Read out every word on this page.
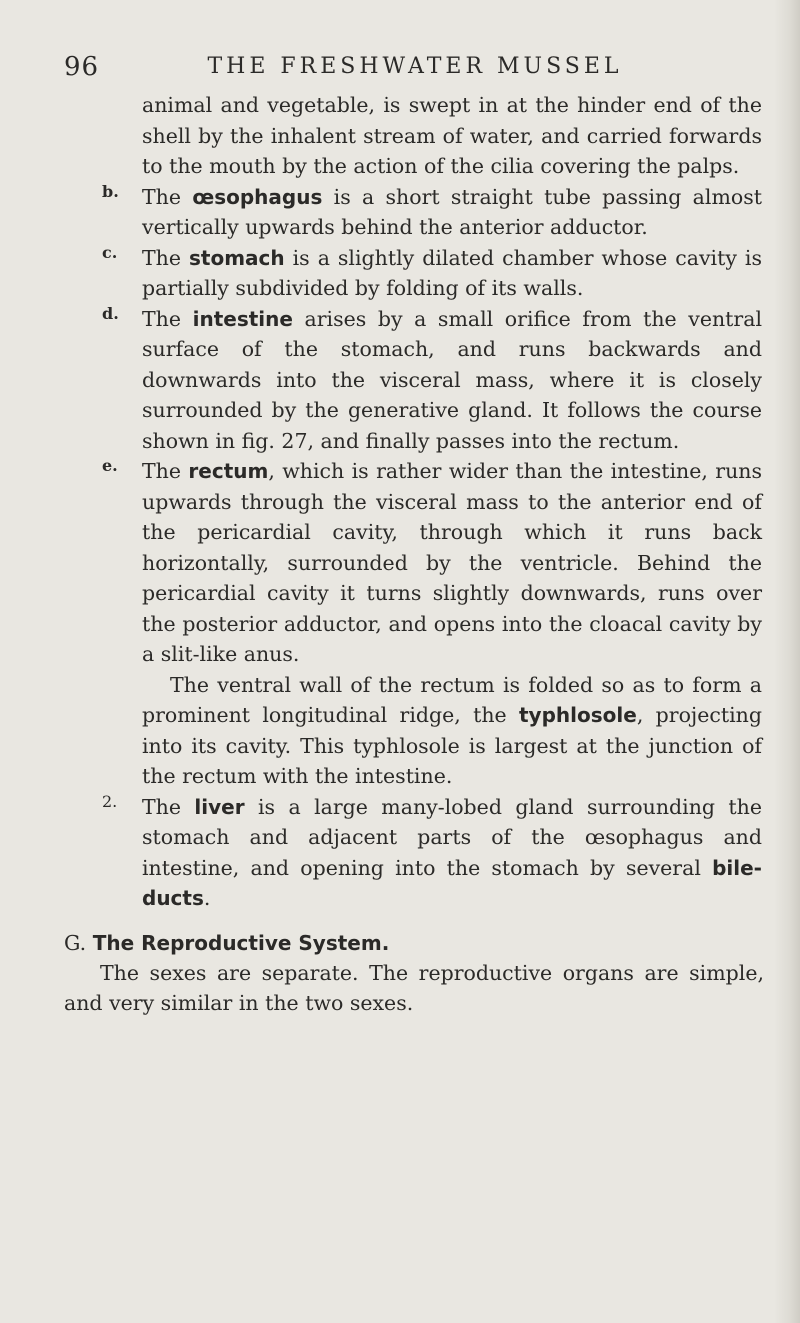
96	THE FRESHWATER MUSSEL

animal and vegetable, is swept in at the hinder end of the shell by the inhalent stream of water, and carried forwards to the mouth by the action of the cilia covering the palps.

b. The œsophagus is a short straight tube passing almost vertically upwards behind the anterior adductor.

c. The stomach is a slightly dilated chamber whose cavity is partially subdivided by folding of its walls.

d. The intestine arises by a small orifice from the ventral surface of the stomach, and runs backwards and downwards into the visceral mass, where it is closely surrounded by the generative gland. It follows the course shown in fig. 27, and finally passes into the rectum.

e. The rectum, which is rather wider than the intestine, runs upwards through the visceral mass to the anterior end of the pericardial cavity, through which it runs back horizontally, surrounded by the ventricle. Behind the pericardial cavity it turns slightly downwards, runs over the posterior adductor, and opens into the cloacal cavity by a slit-like anus.

The ventral wall of the rectum is folded so as to form a prominent longitudinal ridge, the typhlosole, projecting into its cavity. This typhlosole is largest at the junction of the rectum with the intestine.

2. The liver is a large many-lobed gland surrounding the stomach and adjacent parts of the œsophagus and intestine, and opening into the stomach by several bile-ducts.

G. The Reproductive System.

The sexes are separate. The reproductive organs are simple, and very similar in the two sexes.
